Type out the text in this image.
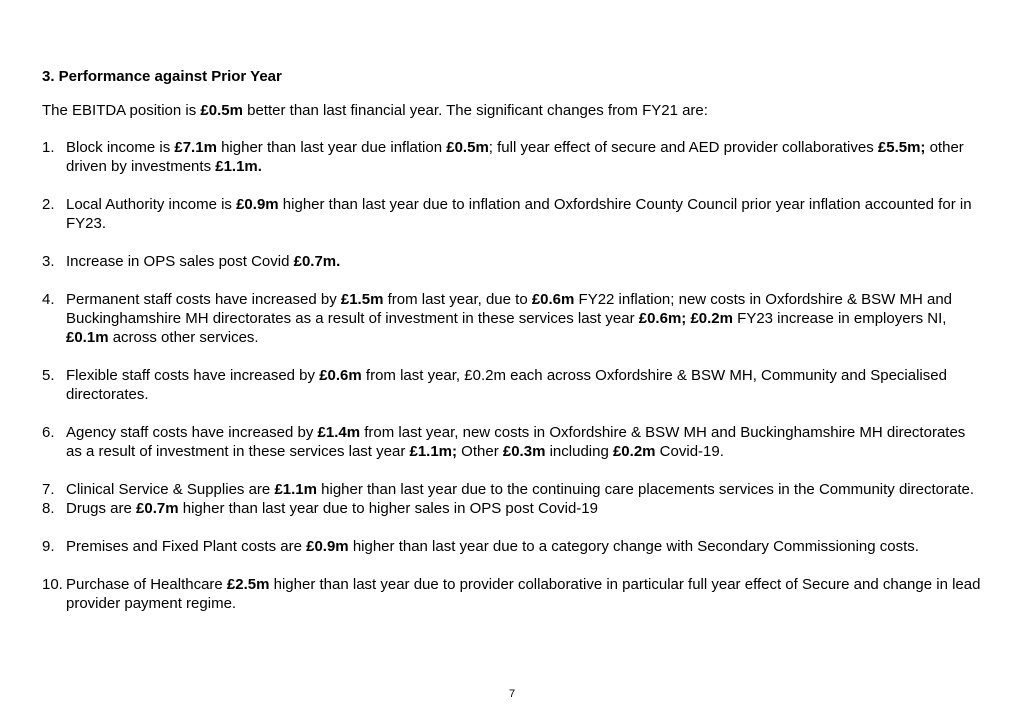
3. Performance against Prior Year
The EBITDA position is £0.5m better than last financial year. The significant changes from FY21 are:
1. Block income is £7.1m higher than last year due inflation £0.5m; full year effect of secure and AED provider collaboratives £5.5m; other driven by investments £1.1m.
2. Local Authority income is £0.9m higher than last year due to inflation and Oxfordshire County Council prior year inflation accounted for in FY23.
3. Increase in OPS sales post Covid £0.7m.
4. Permanent staff costs have increased by £1.5m from last year, due to £0.6m FY22 inflation; new costs in Oxfordshire & BSW MH and Buckinghamshire MH directorates as a result of investment in these services last year £0.6m; £0.2m FY23 increase in employers NI, £0.1m across other services.
5. Flexible staff costs have increased by £0.6m from last year, £0.2m each across Oxfordshire & BSW MH, Community and Specialised directorates.
6. Agency staff costs have increased by £1.4m from last year, new costs in Oxfordshire & BSW MH and Buckinghamshire MH directorates as a result of investment in these services last year £1.1m; Other £0.3m including £0.2m Covid-19.
7. Clinical Service & Supplies are £1.1m higher than last year due to the continuing care placements services in the Community directorate.
8. Drugs are £0.7m higher than last year due to higher sales in OPS post Covid-19
9. Premises and Fixed Plant costs are £0.9m higher than last year due to a category change with Secondary Commissioning costs.
10. Purchase of Healthcare £2.5m higher than last year due to provider collaborative in particular full year effect of Secure and change in lead provider payment regime.
7
